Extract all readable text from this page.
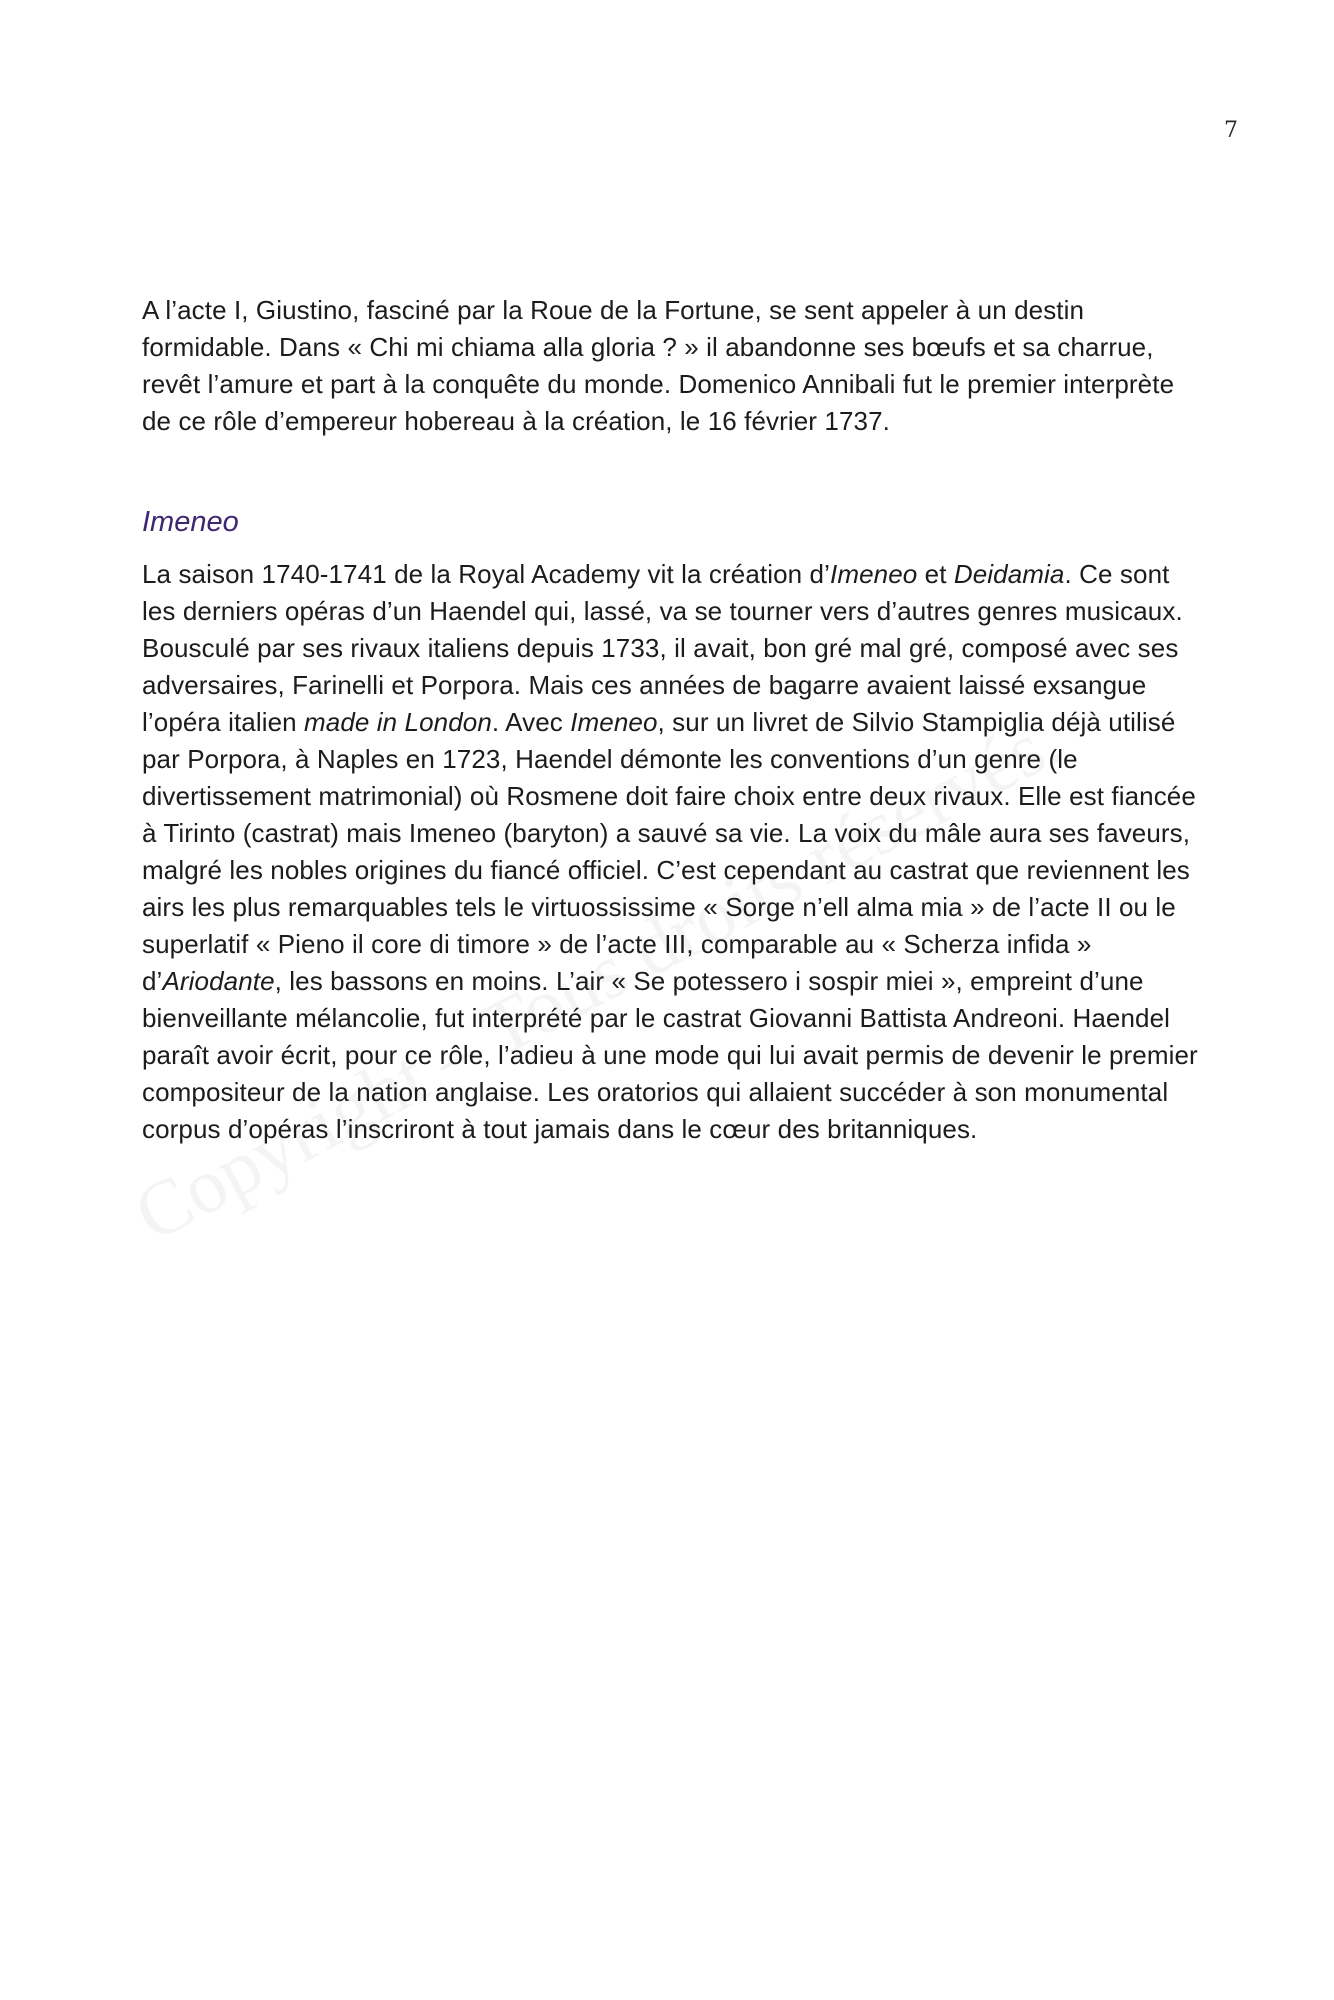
7

A l’acte I, Giustino, fasciné par la Roue de la Fortune, se sent appeler à un destin formidable. Dans « Chi mi chiama alla gloria ? » il abandonne ses bœufs et sa charrue, revêt l’amure et part à la conquête du monde. Domenico Annibali fut le premier interprète de ce rôle d’empereur hobereau à la création, le 16 février 1737.

Imeneo

La saison 1740-1741 de la Royal Academy vit la création d’Imeneo et Deidamia. Ce sont les derniers opéras d’un Haendel qui, lassé, va se tourner vers d’autres genres musicaux. Bousculé par ses rivaux italiens depuis 1733, il avait, bon gré mal gré, composé avec ses adversaires, Farinelli et Porpora. Mais ces années de bagarre avaient laissé exsangue l’opéra italien made in London. Avec Imeneo, sur un livret de Silvio Stampiglia déjà utilisé par Porpora, à Naples en 1723, Haendel démonte les conventions d’un genre (le divertissement matrimonial) où Rosmene doit faire choix entre deux rivaux. Elle est fiancée à Tirinto (castrat) mais Imeneo (baryton) a sauvé sa vie. La voix du mâle aura ses faveurs, malgré les nobles origines du fiancé officiel. C’est cependant au castrat que reviennent les airs les plus remarquables tels le virtuossissime « Sorge n’ell alma mia » de l’acte II ou le superlatif « Pieno il core di timore » de l’acte III, comparable au « Scherza infida » d’Ariodante, les bassons en moins. L’air « Se potessero i sospir miei », empreint d’une bienveillante mélancolie, fut interprété par le castrat Giovanni Battista Andreoni. Haendel paraît avoir écrit, pour ce rôle, l’adieu à une mode qui lui avait permis de devenir le premier compositeur de la nation anglaise. Les oratorios qui allaient succéder à son monumental corpus d’opéras l’inscriront à tout jamais dans le cœur des britanniques.
